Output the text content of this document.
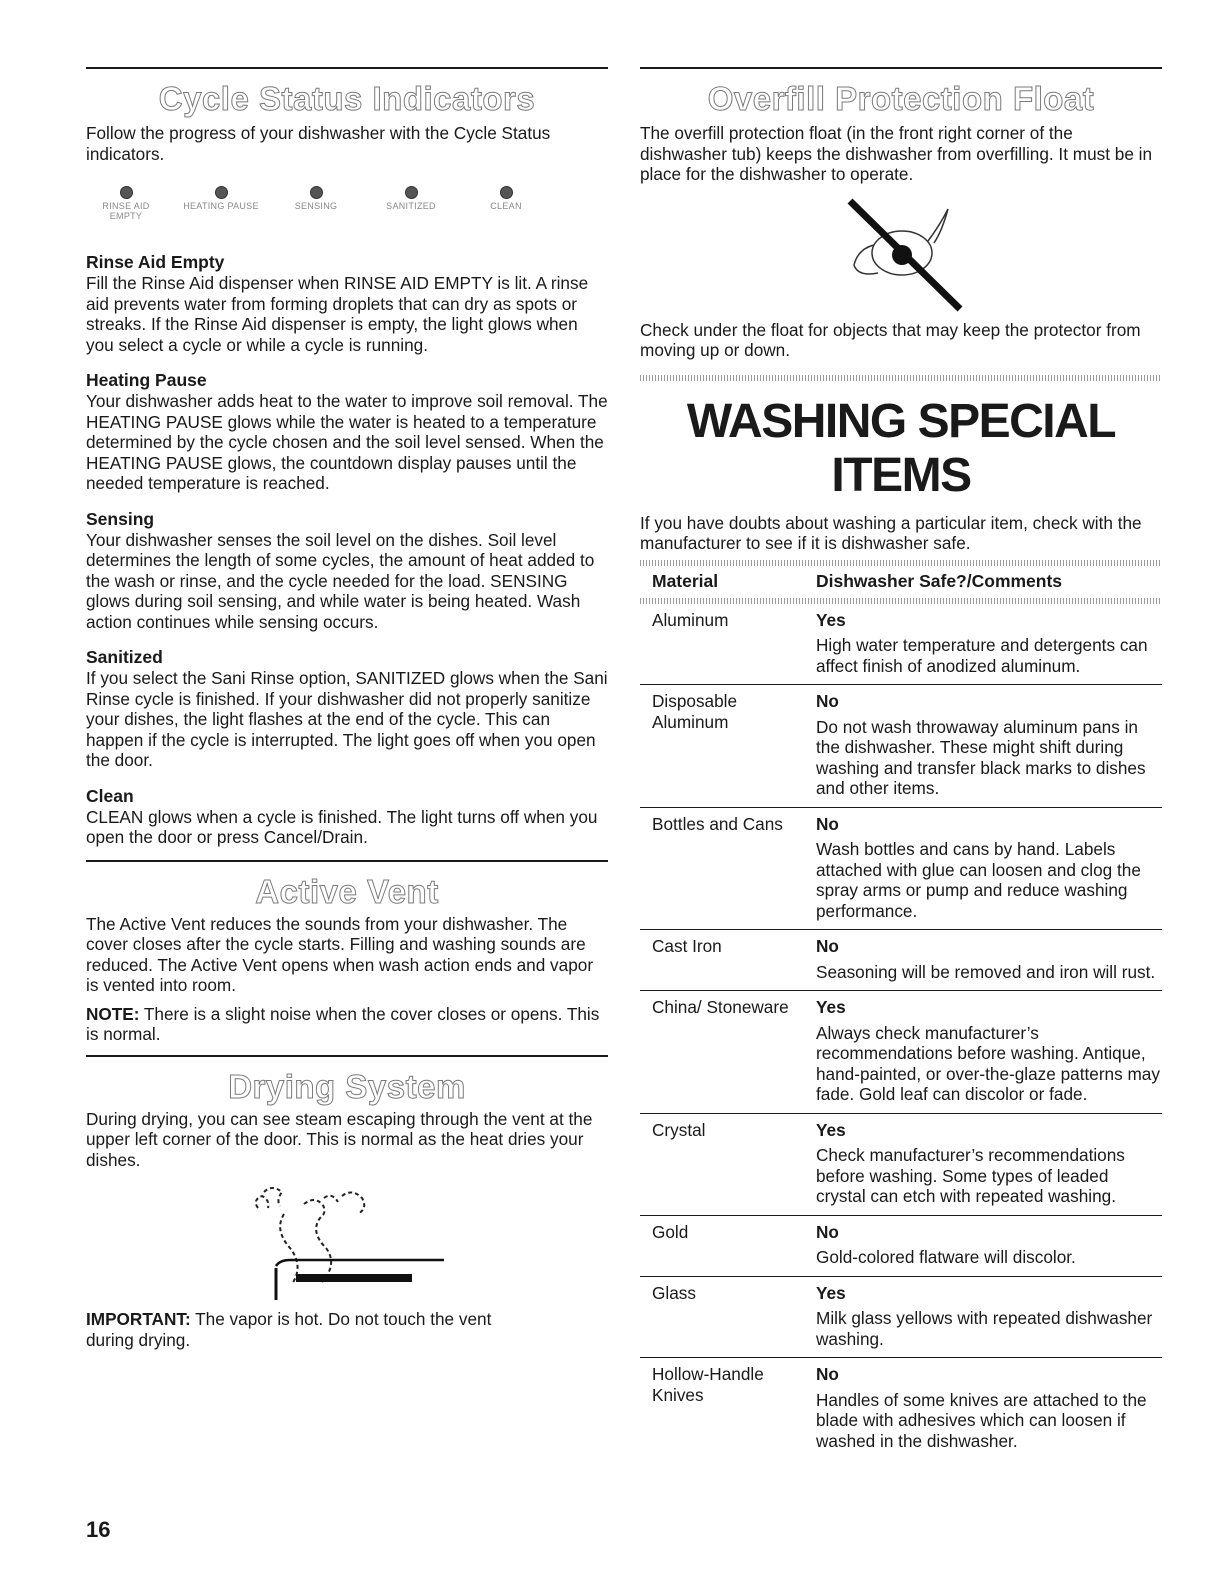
Cycle Status Indicators

Follow the progress of your dishwasher with the Cycle Status indicators.

RINSE AID EMPTY
HEATING PAUSE	SENSING	SANITIZED	CLEAN
Rinse Aid Empty

Fill the Rinse Aid dispenser when RINSE AID EMPTY is lit. A rinse aid prevents water from forming droplets that can dry as spots or streaks. If the Rinse Aid dispenser is empty, the light glows when you select a cycle or while a cycle is running.

Heating Pause

Your dishwasher adds heat to the water to improve soil removal. The HEATING PAUSE glows while the water is heated to a temperature determined by the cycle chosen and the soil level sensed. When the HEATING PAUSE glows, the countdown display pauses until the needed temperature is reached.

Sensing

Your dishwasher senses the soil level on the dishes. Soil level determines the length of some cycles, the amount of heat added to the wash or rinse, and the cycle needed for the load. SENSING glows during soil sensing, and while water is being heated. Wash action continues while sensing occurs.

Sanitized

If you select the Sani Rinse option, SANITIZED glows when the Sani Rinse cycle is finished. If your dishwasher did not properly sanitize your dishes, the light flashes at the end of the cycle. This can happen if the cycle is interrupted. The light goes off when you open the door.

Clean

CLEAN glows when a cycle is finished. The light turns off when you open the door or press Cancel/Drain.

Active Vent

The Active Vent reduces the sounds from your dishwasher. The cover closes after the cycle starts. Filling and washing sounds are reduced. The Active Vent opens when wash action ends and vapor is vented into room.

NOTE: There is a slight noise when the cover closes or opens. This is normal.

Drying System

During drying, you can see steam escaping through the vent at the upper left corner of the door. This is normal as the heat dries your dishes.

IMPORTANT: The vapor is hot. Do not touch the vent during drying.

16
Overfill Protection Float

The overfill protection float (in the front right corner of the dishwasher tub) keeps the dishwasher from overfilling. It must be in place for the dishwasher to operate.

Check under the float for objects that may keep the protector from moving up or down.

WASHING SPECIAL
ITEMS

If you have doubts about washing a particular item, check with the manufacturer to see if it is dishwasher safe.

Material	Dishwasher Safe?/Comments

Aluminum	Yes
High water temperature and detergents can affect finish of anodized aluminum.
Disposable Aluminum	No
Do not wash throwaway aluminum pans in the dishwasher. These might shift during washing and transfer black marks to dishes and other items.
Bottles and Cans	No
Wash bottles and cans by hand. Labels attached with glue can loosen and clog the spray arms or pump and reduce washing performance.
Cast Iron	No
Seasoning will be removed and iron will rust.
China/ Stoneware	Yes
Always check manufacturer’s recommendations before washing. Antique, hand-painted, or over-the-glaze patterns may fade. Gold leaf can discolor or fade.
Crystal	Yes
Check manufacturer’s recommendations before washing. Some types of leaded crystal can etch with repeated washing.
Gold	No
Gold-colored flatware will discolor.
Glass	Yes
Milk glass yellows with repeated dishwasher washing.
Hollow-Handle Knives	No
Handles of some knives are attached to the blade with adhesives which can loosen if washed in the dishwasher.
